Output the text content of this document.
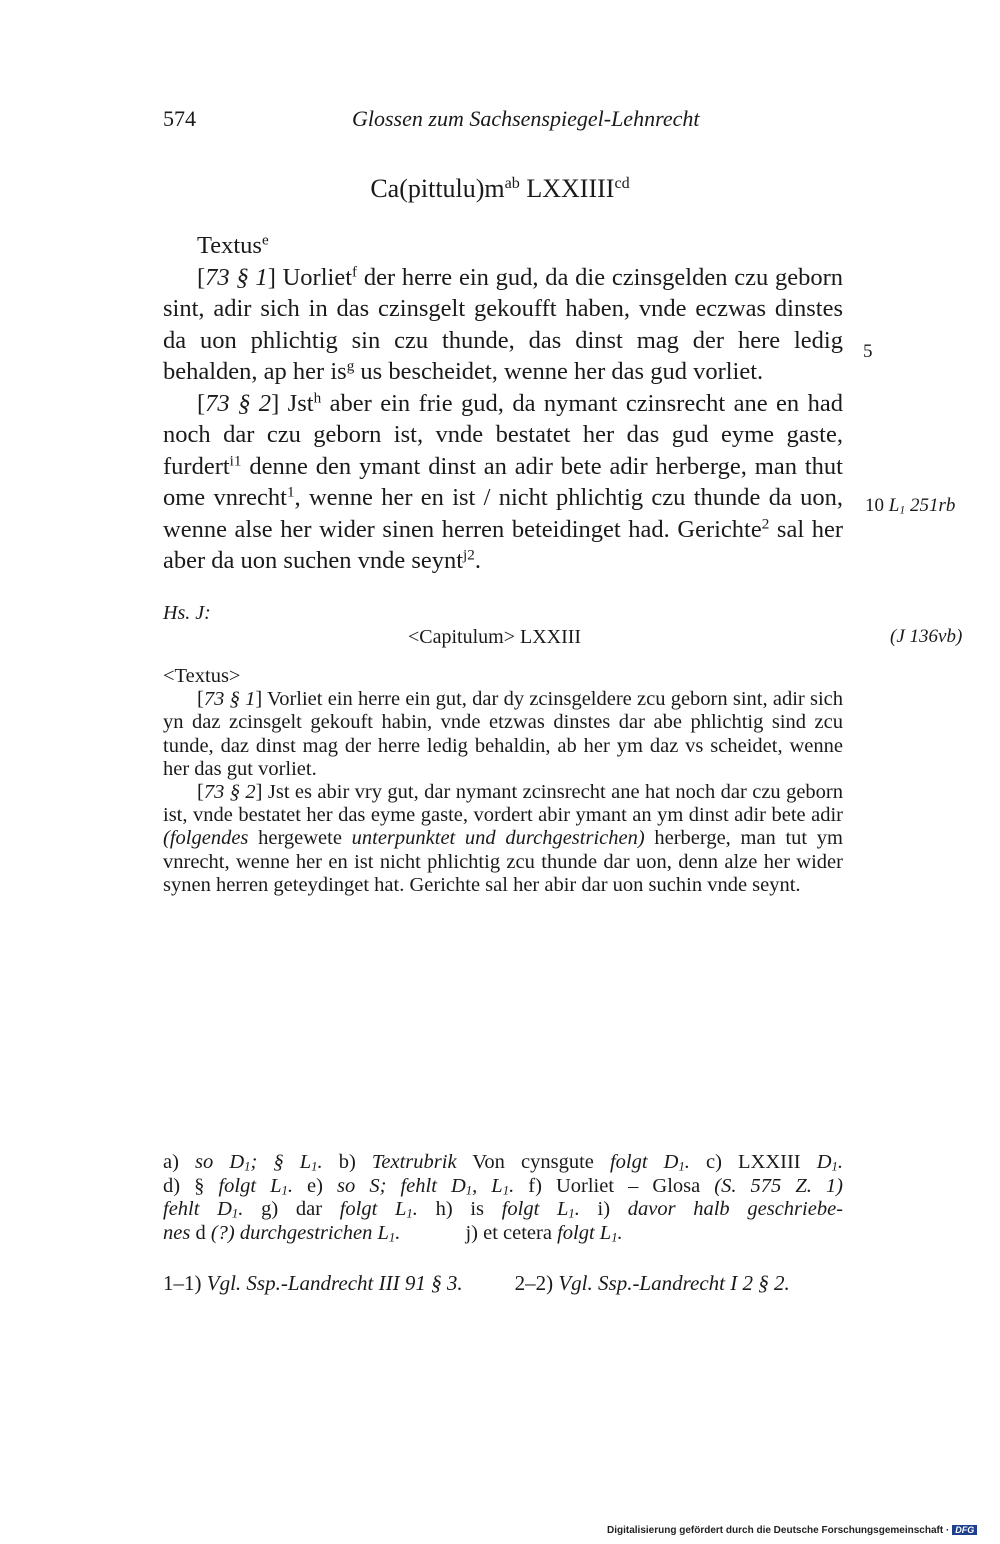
574	Glossen zum Sachsenspiegel-Lehnrecht
$Ca(pittulu)m^{ab}$ $LXXIIII^{cd}$

Textus$^e$

[73 § 1] Uorliet$^f$ der herre ein gud, da die czinsgelden czu geborn sint, adir sich in das czinsgelt gekoufft haben, vnde eczwas dinstes da uon phlichtig sin czu thunde, das dinst mag der here ledig behalden, ap her $is^g$ us bescheidet, wenne her das gud vorliet.

[73 § 2] Jst$^h$ aber ein frie gud, da nymant czinsrecht ane en had noch dar czu geborn ist, vnde bestatet her das gud eyme gaste, furdert$^{i1}$ denne den ymant dinst an adir bete adir herberge, man thut ome vnrecht$^1$, wenne her en ist / nicht phlichtig czu thunde da uon, wenne alse her wider sinen herren beteidinget had. Gerichte$^2$ sal her aber da uon suchen vnde seynt$^{j2}$.

5
10 $L_1$ 251rb
Hs. J:
<Capitulum> LXXIII	(J 136vb)

<Textus>

[73 § 1] Vorliet ein herre ein gut, dar dy zcinsgeldere zcu geborn sint, adir sich yn daz zcinsgelt gekouft habin, vnde etzwas dinstes dar abe phlichtig sind zcu tunde, daz dinst mag der herre ledig behaldin, ab her ym daz vs scheidet, wenne her das gut vorliet.

[73 § 2] Jst es abir vry gut, dar nymant zcinsrecht ane hat noch dar czu geborn ist, vnde bestatet her das eyme gaste, vordert abir ymant an ym dinst adir bete adir (folgendes hergewete unterpunktet und durchgestrichen) herberge, man tut ym vnrecht, wenne her en ist nicht phlichtig zcu thunde dar uon, denn alze her wider synen herren geteydinget hat. Gerichte sal her abir dar uon suchin vnde seynt.

a) so $D_1$; § $L_1$. b) Textrubrik Von cynsgute folgt $D_1$. c) LXXIII $D_1$.
d) § folgt $L_1$. e) so S; fehlt $D_1$, $L_1$. f) Uorliet – Glosa (S. 575 Z. 1)
fehlt $D_1$. g) dar folgt $L_1$. h) is folgt $L_1$. i) davor halb geschriebe-
nes d (?) durchgestrichen $L_1$.	j) et cetera folgt $L_1$.
1–1) Vgl. Ssp.-Landrecht III 91 § 3. 2–2) Vgl. Ssp.-Landrecht I 2 § 2.
Digitalisierung gefördert durch die Deutsche Forschungsgemeinschaft · DFG
